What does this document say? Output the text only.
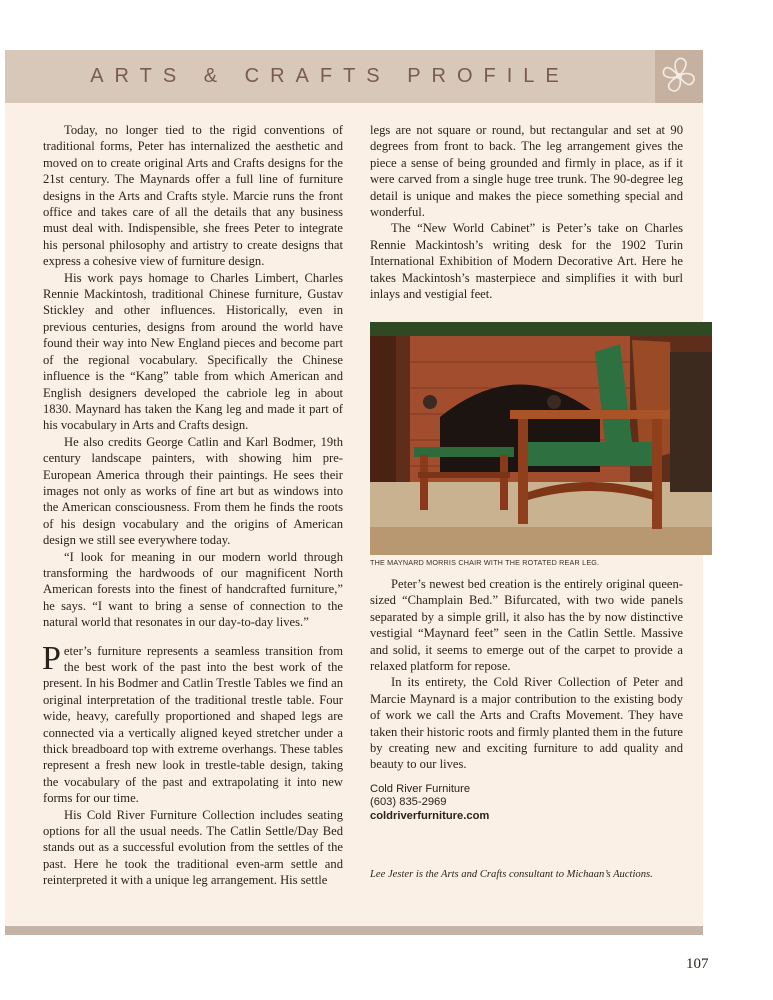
ARTS & CRAFTS PROFILE

Today, no longer tied to the rigid conventions of traditional forms, Peter has internalized the aesthetic and moved on to create original Arts and Crafts designs for the 21st century. The Maynards offer a full line of furniture designs in the Arts and Crafts style. Marcie runs the front office and takes care of all the details that any business must deal with. Indispensible, she frees Peter to integrate his personal philosophy and artistry to create designs that express a cohesive view of furniture design.

His work pays homage to Charles Limbert, Charles Rennie Mackintosh, traditional Chinese furniture, Gustav Stickley and other influences. Historically, even in previous centuries, designs from around the world have found their way into New England pieces and become part of the regional vocabulary. Specifically the Chinese influence is the “Kang” table from which American and English designers developed the cabriole leg in about 1830. Maynard has taken the Kang leg and made it part of his vocabulary in Arts and Crafts design.

He also credits George Catlin and Karl Bodmer, 19th century landscape painters, with showing him pre-European America through their paintings. He sees their images not only as works of fine art but as windows into the American consciousness. From them he finds the roots of his design vocabulary and the origins of American design we still see everywhere today.

“I look for meaning in our modern world through transforming the hardwoods of our magnificent North American forests into the finest of handcrafted furniture,” he says. “I want to bring a sense of connection to the natural world that resonates in our day-to-day lives.”

Peter’s furniture represents a seamless transition from the best work of the past into the best work of the present. In his Bodmer and Catlin Trestle Tables we find an original interpretation of the traditional trestle table. Four wide, heavy, carefully proportioned and shaped legs are connected via a vertically aligned keyed stretcher under a thick breadboard top with extreme overhangs. These tables represent a fresh new look in trestle-table design, taking the vocabulary of the past and extrapolating it into new forms for our time.

His Cold River Furniture Collection includes seating options for all the usual needs. The Catlin Settle/Day Bed stands out as a successful evolution from the settles of the past. Here he took the traditional even-arm settle and reinterpreted it with a unique leg arrangement. His settle

legs are not square or round, but rectangular and set at 90 degrees from front to back. The leg arrangement gives the piece a sense of being grounded and firmly in place, as if it were carved from a single huge tree trunk. The 90-degree leg detail is unique and makes the piece something special and wonderful.

The “New World Cabinet” is Peter’s take on Charles Rennie Mackintosh’s writing desk for the 1902 Turin International Exhibition of Modern Decorative Art. Here he takes Mackintosh’s masterpiece and simplifies it with burl inlays and vestigial feet.

THE MAYNARD MORRIS CHAIR WITH THE ROTATED REAR LEG.

Peter’s newest bed creation is the entirely original queen-sized “Champlain Bed.” Bifurcated, with two wide panels separated by a simple grill, it also has the by now distinctive vestigial “Maynard feet” seen in the Catlin Settle. Massive and solid, it seems to emerge out of the carpet to provide a relaxed platform for repose.

In its entirety, the Cold River Collection of Peter and Marcie Maynard is a major contribution to the existing body of work we call the Arts and Crafts Movement. They have taken their historic roots and firmly planted them in the future by creating new and exciting furniture to add quality and beauty to our lives.

Cold River Furniture
(603) 835-2969
coldriverfurniture.com
Lee Jester is the Arts and Crafts consultant to Michaan’s Auctions.
107
